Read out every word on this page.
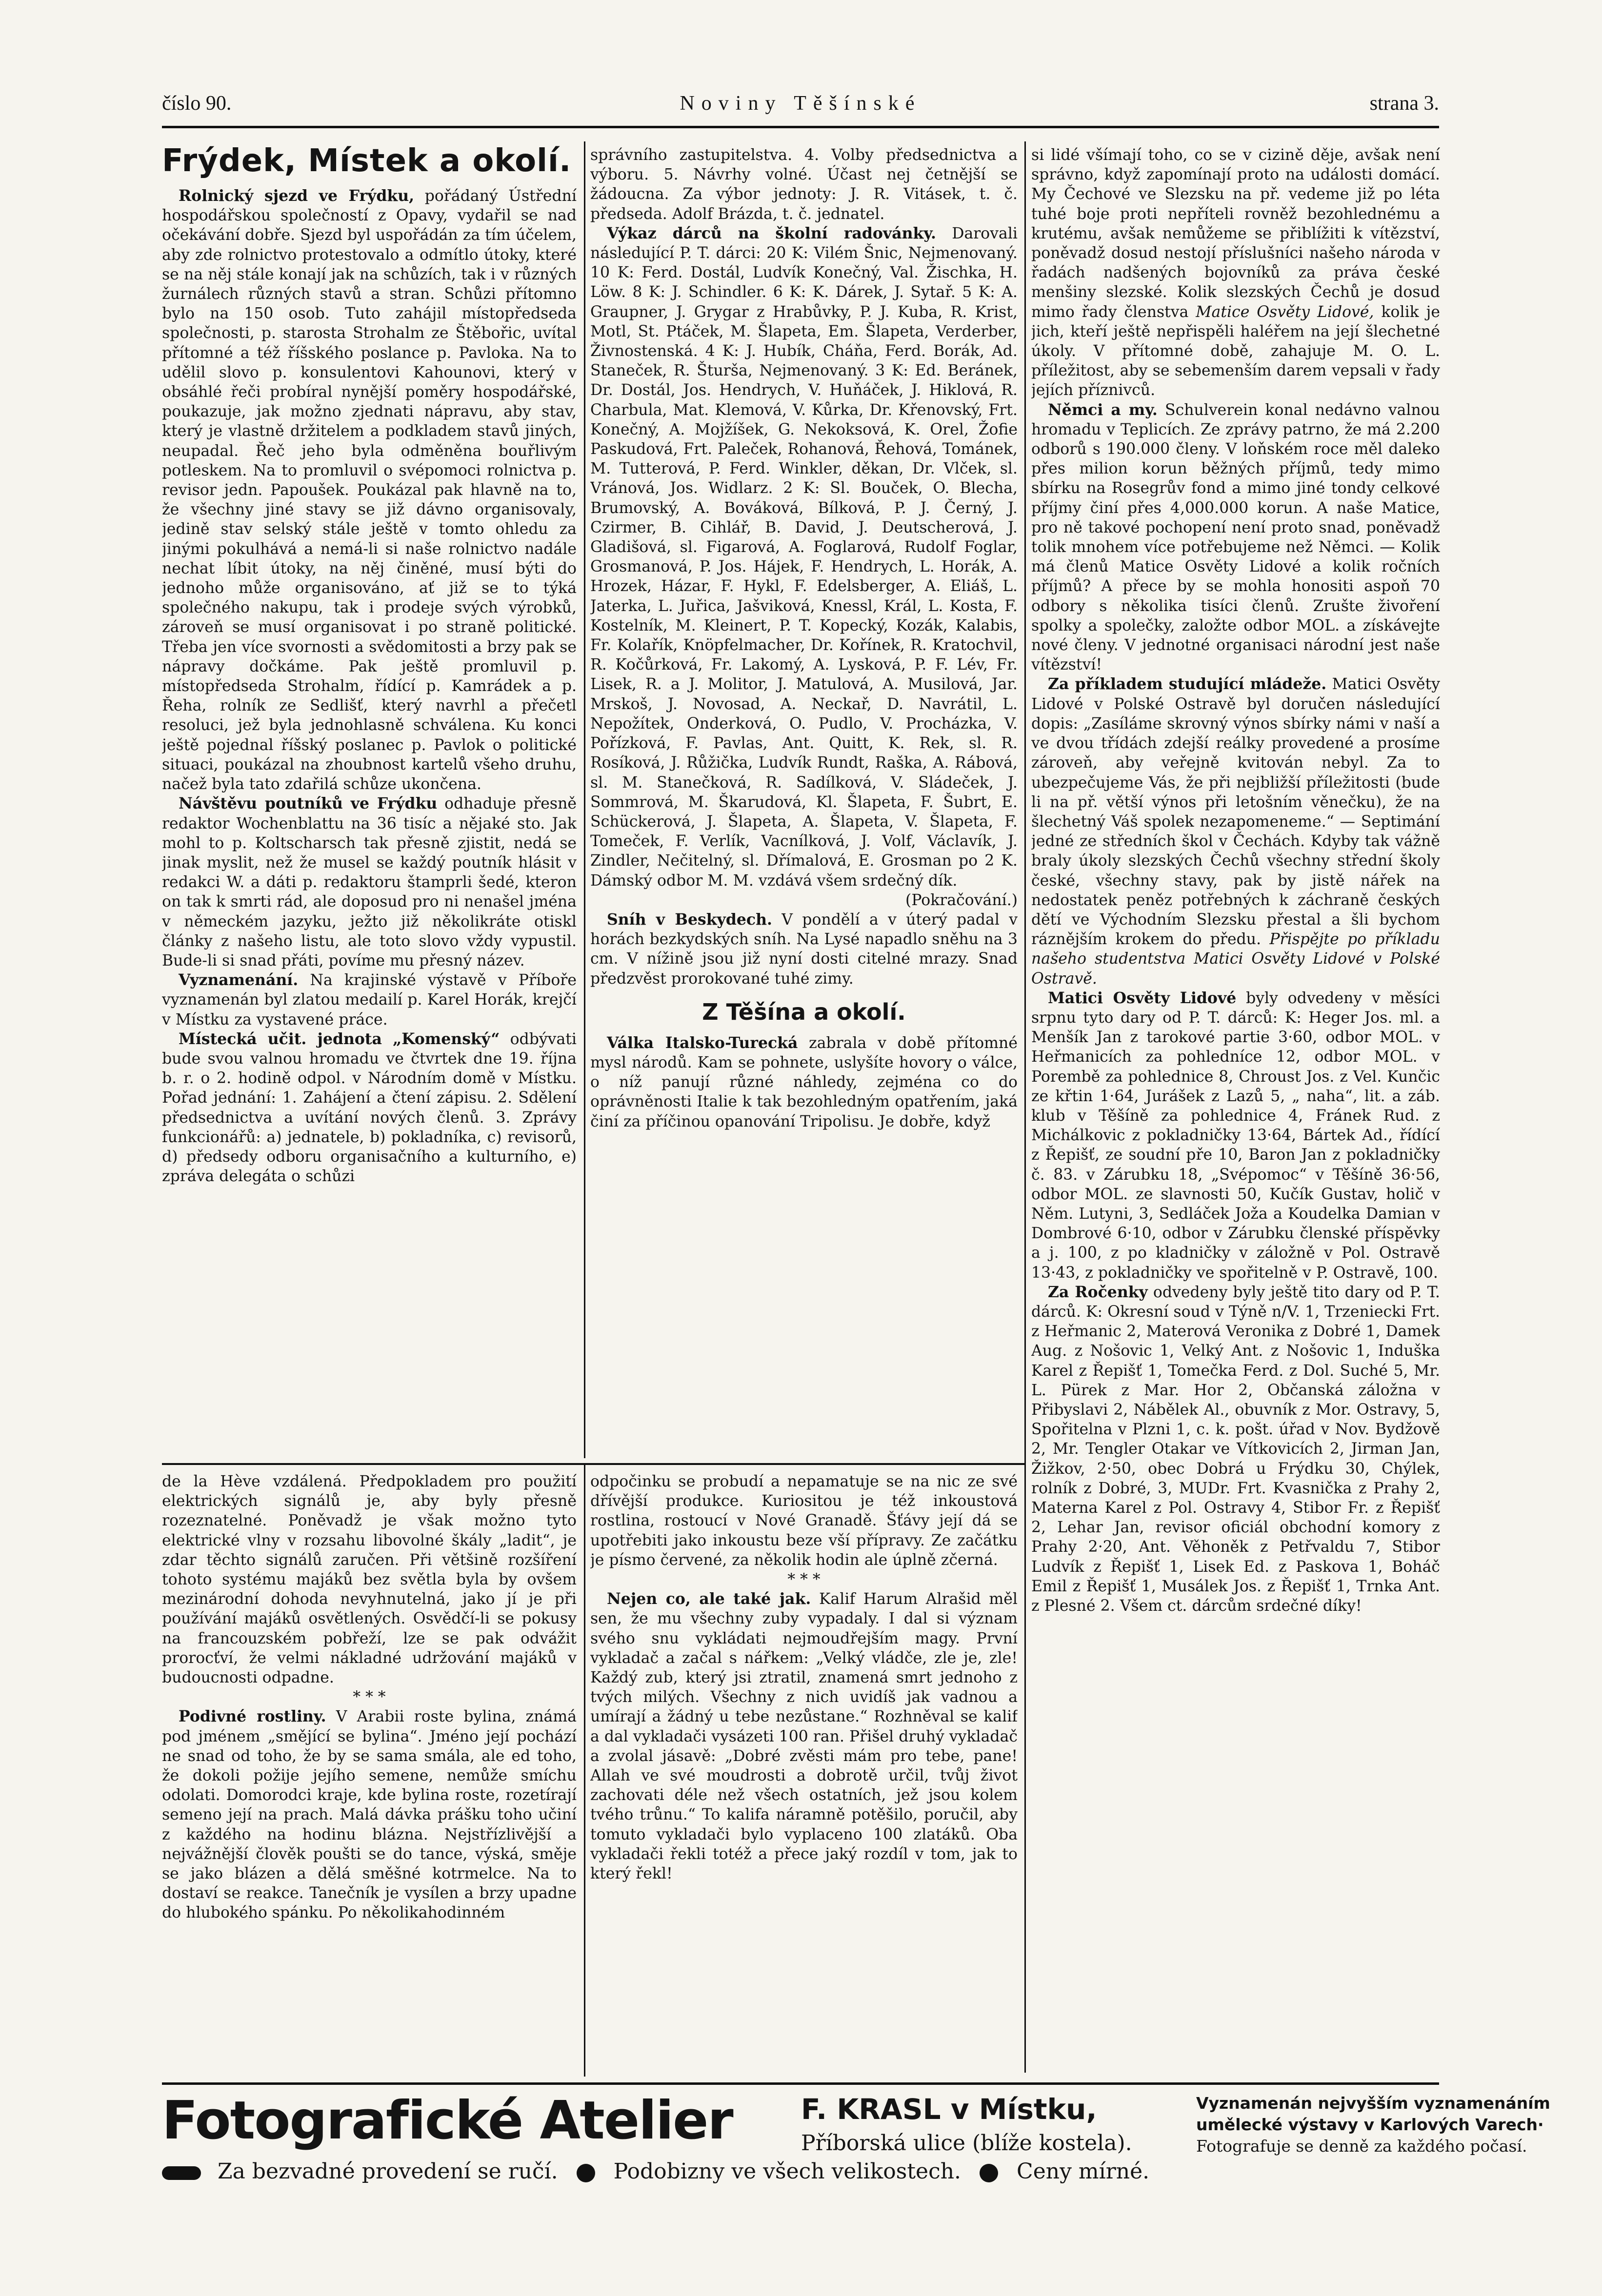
číslo 90.	Noviny Těšínské	strana 3.
Frýdek, Místek a okolí.

Rolnický sjezd ve Frýdku, pořádaný Ústřední hospodářskou společností z Opavy, vydařil se nad očekávání dobře. Sjezd byl uspořádán za tím účelem, aby zde rolnictvo protestovalo a odmítlo útoky, které se na něj stále konají jak na schůzích, tak i v různých žurnálech různých stavů a stran. Schůzi přítomno bylo na 150 osob. Tuto zahájil místopředseda společnosti, p. starosta Strohalm ze Štěbořic, uvítal přítomné a též říšského poslance p. Pavloka. Na to udělil slovo p. konsulentovi Kahounovi, který v obsáhlé řeči probíral nynější poměry hospodářské, poukazuje, jak možno zjednati nápravu, aby stav, který je vlastně držitelem a podkladem stavů jiných, neupadal. Řeč jeho byla odměněna bouřlivým potleskem. Na to promluvil o svépomoci rolnictva p. revisor jedn. Papoušek. Poukázal pak hlavně na to, že všechny jiné stavy se již dávno organisovaly, jedině stav selský stále ještě v tomto ohledu za jinými pokulhává a nemá-li si naše rolnictvo nadále nechat líbit útoky, na něj činěné, musí býti do jednoho může organisováno, ať již se to týká společného nakupu, tak i prodeje svých výrobků, zároveň se musí organisovat i po straně politické. Třeba jen více svornosti a svědomitosti a brzy pak se nápravy dočkáme. Pak ještě promluvil p. místopředseda Strohalm, řídící p. Kamrádek a p. Řeha, rolník ze Sedlišť, který navrhl a přečetl resoluci, jež byla jednohlasně schválena. Ku konci ještě pojednal říšský poslanec p. Pavlok o politické situaci, poukázal na zhoubnost kartelů všeho druhu, načež byla tato zdařilá schůze ukončena.

Návštěvu poutníků ve Frýdku odhaduje přesně redaktor Wochenblattu na 36 tisíc a nějaké sto. Jak mohl to p. Koltscharsch tak přesně zjistit, nedá se jinak myslit, než že musel se každý poutník hlásit v redakci W. a dáti p. redaktoru štamprli šedé, kteron on tak k smrti rád, ale doposud pro ni nenašel jména v německém jazyku, ježto již několikráte otiskl články z našeho listu, ale toto slovo vždy vypustil. Bude-li si snad přáti, povíme mu přesný název.

Vyznamenání. Na krajinské výstavě v Příboře vyznamenán byl zlatou medailí p. Karel Horák, krejčí v Místku za vystavené práce.

Místecká učit. jednota „Komenský“ odbývati bude svou valnou hromadu ve čtvrtek dne 19. října b. r. o 2. hodině odpol. v Národním domě v Místku. Pořad jednání: 1. Zahájení a čtení zápisu. 2. Sdělení předsednictva a uvítání nových členů. 3. Zprávy funkcionářů: a) jednatele, b) pokladníka, c) revisorů, d) předsedy odboru organisačního a kulturního, e) zpráva delegáta o schůzi

správního zastupitelstva. 4. Volby předsednictva a výboru. 5. Návrhy volné. Účast nej četnější se žádoucna. Za výbor jednoty: J. R. Vitásek, t. č. předseda. Adolf Brázda, t. č. jednatel.

Výkaz dárců na školní radovánky. Darovali následující P. T. dárci: 20 K: Vilém Šnic, Nejmenovaný. 10 K: Ferd. Dostál, Ludvík Konečný, Val. Žischka, H. Löw. 8 K: J. Schindler. 6 K: K. Dárek, J. Sytař. 5 K: A. Graupner, J. Grygar z Hrabůvky, P. J. Kuba, R. Krist, Motl, St. Ptáček, M. Šlapeta, Em. Šlapeta, Verderber, Živnostenská. 4 K: J. Hubík, Cháňa, Ferd. Borák, Ad. Staneček, R. Šturša, Nejmenovaný. 3 K: Ed. Beránek, Dr. Dostál, Jos. Hendrych, V. Huňáček, J. Hiklová, R. Charbula, Mat. Klemová, V. Kůrka, Dr. Křenovský, Frt. Konečný, A. Mojžíšek, G. Nekoksová, K. Orel, Žofie Paskudová, Frt. Paleček, Rohanová, Řehová, Tománek, M. Tutterová, P. Ferd. Winkler, děkan, Dr. Vlček, sl. Vránová, Jos. Widlarz. 2 K: Sl. Bouček, O. Blecha, Brumovský, A. Bováková, Bílková, P. J. Černý, J. Czirmer, B. Cihlář, B. David, J. Deutscherová, J. Gladišová, sl. Figarová, A. Foglarová, Rudolf Foglar, Grosmanová, P. Jos. Hájek, F. Hendrych, L. Horák, A. Hrozek, Házar, F. Hykl, F. Edelsberger, A. Eliáš, L. Jaterka, L. Juřica, Jašviková, Knessl, Král, L. Kosta, F. Kostelník, M. Kleinert, P. T. Kopecký, Kozák, Kalabis, Fr. Kolařík, Knöpfelmacher, Dr. Kořínek, R. Kratochvil, R. Kočůrková, Fr. Lakomý, A. Lysková, P. F. Lév, Fr. Lisek, R. a J. Molitor, J. Matulová, A. Musilová, Jar. Mrskoš, J. Novosad, A. Neckař, D. Navrátil, L. Nepožítek, Onderková, O. Pudlo, V. Procházka, V. Pořízková, F. Pavlas, Ant. Quitt, K. Rek, sl. R. Rosíková, J. Růžička, Ludvík Rundt, Raška, A. Rábová, sl. M. Stanečková, R. Sadílková, V. Sládeček, J. Sommrová, M. Škarudová, Kl. Šlapeta, F. Šubrt, E. Schückerová, J. Šlapeta, A. Šlapeta, V. Šlapeta, F. Tomeček, F. Verlík, Vacnílková, J. Volf, Václavík, J. Zindler, Nečitelný, sl. Dřímalová, E. Grosman po 2 K. Dámský odbor M. M. vzdává všem srdečný dík.

(Pokračování.)

Sníh v Beskydech. V pondělí a v úterý padal v horách bezkydských sníh. Na Lysé napadlo sněhu na 3 cm. V nížině jsou již nyní dosti citelné mrazy. Snad předzvěst prorokované tuhé zimy.

Z Těšína a okolí.

Válka Italsko-Turecká zabrala v době přítomné mysl národů. Kam se pohnete, uslyšíte hovory o válce, o níž panují různé náhledy, zejména co do oprávněnosti Italie k tak bezohledným opatřením, jaká činí za příčinou opanování Tripolisu. Je dobře, když

si lidé všímají toho, co se v cizině děje, avšak není správno, když zapomínají proto na události domácí. My Čechové ve Slezsku na př. vedeme již po léta tuhé boje proti nepříteli rovněž bezohlednému a krutému, avšak nemůžeme se přiblížiti k vítězství, poněvadž dosud nestojí příslušníci našeho národa v řadách nadšených bojovníků za práva české menšiny slezské. Kolik slezských Čechů je dosud mimo řady členstva Matice Osvěty Lidové, kolik je jich, kteří ještě nepřispěli haléřem na její šlechetné úkoly. V přítomné době, zahajuje M. O. L. příležitost, aby se sebemenším darem vepsali v řady jejích příznivců.

Němci a my. Schulverein konal nedávno valnou hromadu v Teplicích. Ze zprávy patrno, že má 2.200 odborů s 190.000 členy. V loňském roce měl daleko přes milion korun běžných příjmů, tedy mimo sbírku na Rosegrův fond a mimo jiné tondy celkové příjmy činí přes 4,000.000 korun. A naše Matice, pro ně takové pochopení není proto snad, poněvadž tolik mnohem více potřebujeme než Němci. — Kolik má členů Matice Osvěty Lidové a kolik ročních příjmů? A přece by se mohla honositi aspoň 70 odbory s několika tisíci členů. Zrušte živoření spolky a společky, založte odbor MOL. a získávejte nové členy. V jednotné organisaci národní jest naše vítězství!

Za příkladem studující mládeže. Matici Osvěty Lidové v Polské Ostravě byl doručen následující dopis: „Zasíláme skrovný výnos sbírky námi v naší a ve dvou třídách zdejší reálky provedené a prosíme zároveň, aby veřejně kvitován nebyl. Za to ubezpečujeme Vás, že při nejbližší příležitosti (bude li na př. větší výnos při letošním věnečku), že na šlechetný Váš spolek nezapomeneme.“ — Septimání jedné ze středních škol v Čechách. Kdyby tak vážně braly úkoly slezských Čechů všechny střední školy české, všechny stavy, pak by jistě nářek na nedostatek peněz potřebných k záchraně českých dětí ve Východním Slezsku přestal a šli bychom ráznějším krokem do předu. Přispějte po příkladu našeho studentstva Matici Osvěty Lidové v Polské Ostravě.

Matici Osvěty Lidové byly odvedeny v měsíci srpnu tyto dary od P. T. dárců: K: Heger Jos. ml. a Menšík Jan z tarokové partie 3·60, odbor MOL. v Heřmanicích za pohledníce 12, odbor MOL. v Porembě za pohlednice 8, Chroust Jos. z Vel. Kunčic ze křtin 1·64, Jurášek z Lazů 5, „ naha“, lit. a záb. klub v Těšíně za pohlednice 4, Fránek Rud. z Michálkovic z pokladničky 13·64, Bártek Ad., řídící z Řepišť, ze soudní pře 10, Baron Jan z pokladničky č. 83. v Zárubku 18, „Svépomoc“ v Těšíně 36·56, odbor MOL. ze slavnosti 50, Kučík Gustav, holič v Něm. Lutyni, 3, Sedláček Joža a Koudelka Damian v Dombrové 6·10, odbor v Zárubku členské příspěvky a j. 100, z po kladničky v záložně v Pol. Ostravě 13·43, z pokladničky ve spořitelně v P. Ostravě, 100.

Za Ročenky odvedeny byly ještě tito dary od P. T. dárců. K: Okresní soud v Týně n/V. 1, Trzeniecki Frt. z Heřmanic 2, Materová Veronika z Dobré 1, Damek Aug. z Nošovic 1, Velký Ant. z Nošovic 1, Induška Karel z Řepišť 1, Tomečka Ferd. z Dol. Suché 5, Mr. L. Pürek z Mar. Hor 2, Občanská záložna v Přibyslavi 2, Nábělek Al., obuvník z Mor. Ostravy, 5, Spořitelna v Plzni 1, c. k. pošt. úřad v Nov. Bydžově 2, Mr. Tengler Otakar ve Vítkovicích 2, Jirman Jan, Žižkov, 2·50, obec Dobrá u Frýdku 30, Chýlek, rolník z Dobré, 3, MUDr. Frt. Kvasnička z Prahy 2, Materna Karel z Pol. Ostravy 4, Stibor Fr. z Řepišť 2, Lehar Jan, revisor oficiál obchodní komory z Prahy 2·20, Ant. Věhoněk z Petřvaldu 7, Stibor Ludvík z Řepišť 1, Lisek Ed. z Paskova 1, Boháč Emil z Řepišť 1, Musálek Jos. z Řepišť 1, Trnka Ant. z Plesné 2. Všem ct. dárcům srdečné díky!

de la Hève vzdálená. Předpokladem pro použití elektrických signálů je, aby byly přesně rozeznatelné. Poněvadž je však možno tyto elektrické vlny v rozsahu libovolné škály „ladit“, je zdar těchto signálů zaručen. Při většině rozšíření tohoto systému majáků bez světla byla by ovšem mezinárodní dohoda nevyhnutelná, jako jí je při používání majáků osvětlených. Osvědčí-li se pokusy na francouzském pobřeží, lze se pak odvážit prorocťví, že velmi nákladné udržování majáků v budoucnosti odpadne.

* * *

Podivné rostliny. V Arabii roste bylina, známá pod jménem „smějící se bylina“. Jméno její pochází ne snad od toho, že by se sama smála, ale ed toho, že dokoli požije jejího semene, nemůže smíchu odolati. Domorodci kraje, kde bylina roste, rozetírají semeno její na prach. Malá dávka prášku toho učiní z každého na hodinu blázna. Nejstřízlivější a nejvážnější člověk poušti se do tance, výská, směje se jako blázen a dělá směšné kotrmelce. Na to dostaví se reakce. Tanečník je vysílen a brzy upadne do hlubokého spánku. Po několikahodinném

odpočinku se probudí a nepamatuje se na nic ze své dřívější produkce. Kuriositou je též inkoustová rostlina, rostoucí v Nové Granadě. Šťávy její dá se upotřebiti jako inkoustu beze vší přípravy. Ze začátku je písmo červené, za několik hodin ale úplně zčerná.

* * *

Nejen co, ale také jak. Kalif Harum Alrašid měl sen, že mu všechny zuby vypadaly. I dal si význam svého snu vykládati nejmoudřejším magy. První vykladač a začal s nářkem: „Velký vládče, zle je, zle! Každý zub, který jsi ztratil, znamená smrt jednoho z tvých milých. Všechny z nich uvidíš jak vadnou a umírají a žádný u tebe nezůstane.“ Rozhněval se kalif a dal vykladači vysázeti 100 ran. Přišel druhý vykladač a zvolal jásavě: „Dobré zvěsti mám pro tebe, pane! Allah ve své moudrosti a dobrotě určil, tvůj život zachovati déle než všech ostatních, jež jsou kolem tvého trůnu.“ To kalifa náramně potěšilo, poručil, aby tomuto vykladači bylo vyplaceno 100 zlatáků. Oba vykladači řekli totéž a přece jaký rozdíl v tom, jak to který řekl!

Fotografické Atelier F. KRASL v Místku,
Příborská ulice (blíže kostela).
Vyznamenán nejvyšším vyznamenáním
umělecké výstavy v Karlových Varech·
Fotografuje se denně za každého počasí.
Za bezvadné provedení se ručí.	Podobizny ve všech velikostech.	Ceny mírné.
